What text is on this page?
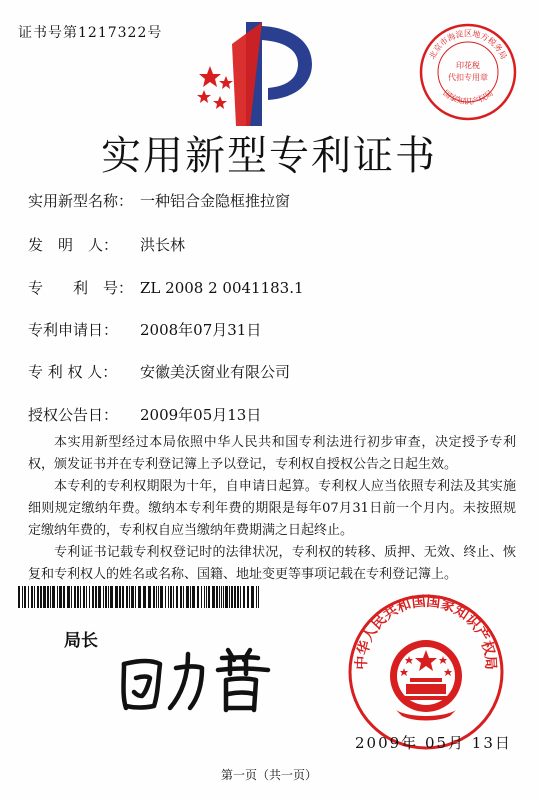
证书号第1217322号
北京市海淀区地方税务局
印花税
代扣专用章
国家知识产权局
实用新型专利证书
实用新型名称： 一种铝合金隐框推拉窗
发　明　人： 洪长林
专　　利　号： ZL 2008 2 0041183.1
专利申请日： 2008年07月31日
专 利 权 人： 安徽美沃窗业有限公司
授权公告日： 2009年05月13日

本实用新型经过本局依照中华人民共和国专利法进行初步审查，决定授予专利权，颁发证书并在专利登记簿上予以登记，专利权自授权公告之日起生效。

本专利的专利权期限为十年，自申请日起算。专利权人应当依照专利法及其实施细则规定缴纳年费。缴纳本专利年费的期限是每年07月31日前一个月内。未按照规定缴纳年费的，专利权自应当缴纳年费期满之日起终止。

专利证书记载专利权登记时的法律状况，专利权的转移、质押、无效、终止、恢复和专利权人的姓名或名称、国籍、地址变更等事项记载在专利登记簿上。

局长
中华人民共和国国家知识产权局
2009年 05月 13日
第一页（共一页）
